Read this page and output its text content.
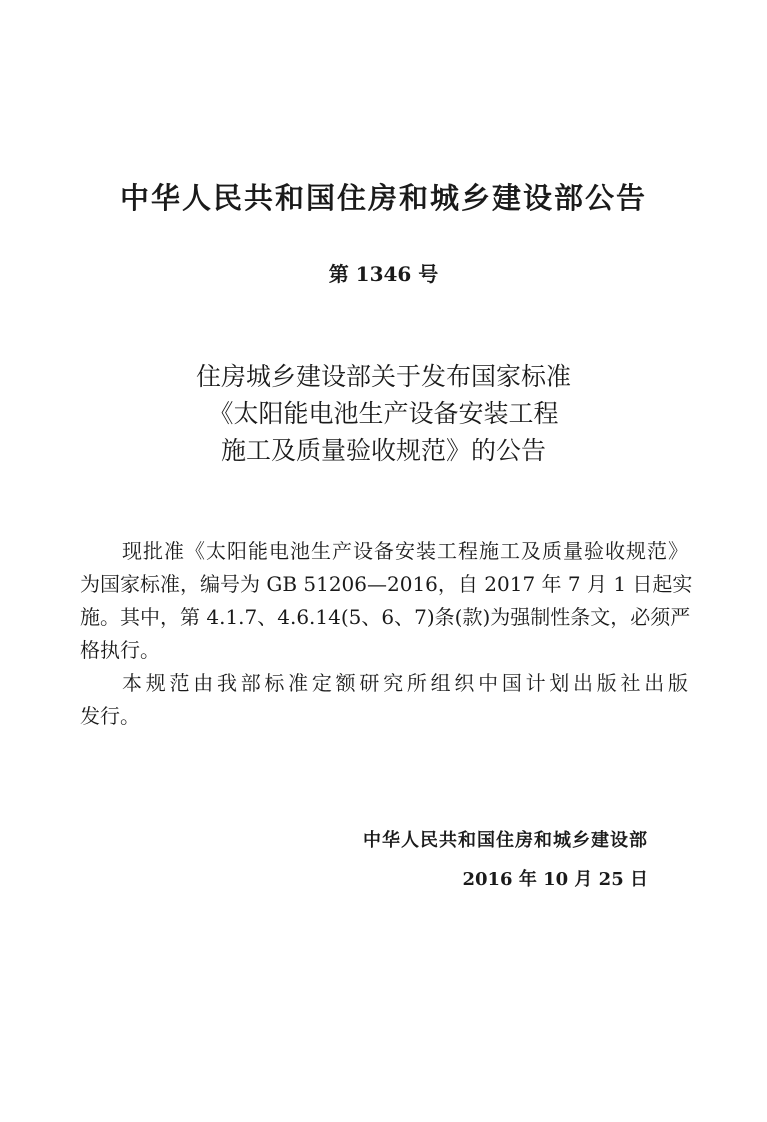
中华人民共和国住房和城乡建设部公告
第 1346 号
住房城乡建设部关于发布国家标准
《太阳能电池生产设备安装工程
施工及质量验收规范》的公告
现批准《太阳能电池生产设备安装工程施工及质量验收规范》
为国家标准，编号为 GB 51206—2016，自 2017 年 7 月 1 日起实
施。其中，第 4.1.7、4.6.14(5、6、7)条(款)为强制性条文，必须严
格执行。
本规范由我部标准定额研究所组织中国计划出版社出版
发行。
中华人民共和国住房和城乡建设部
2016 年 10 月 25 日
